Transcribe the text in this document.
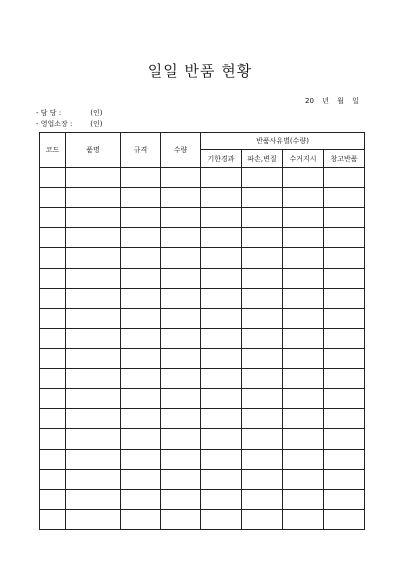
일일 반품 현황
20 년 월 일
- 담 당 :	(인)
- 영업소장 :	(인)
코드	품명	규격	수량	반품사유별(수량)			
				기한경과	파손,변질	수거지시	창고반품
